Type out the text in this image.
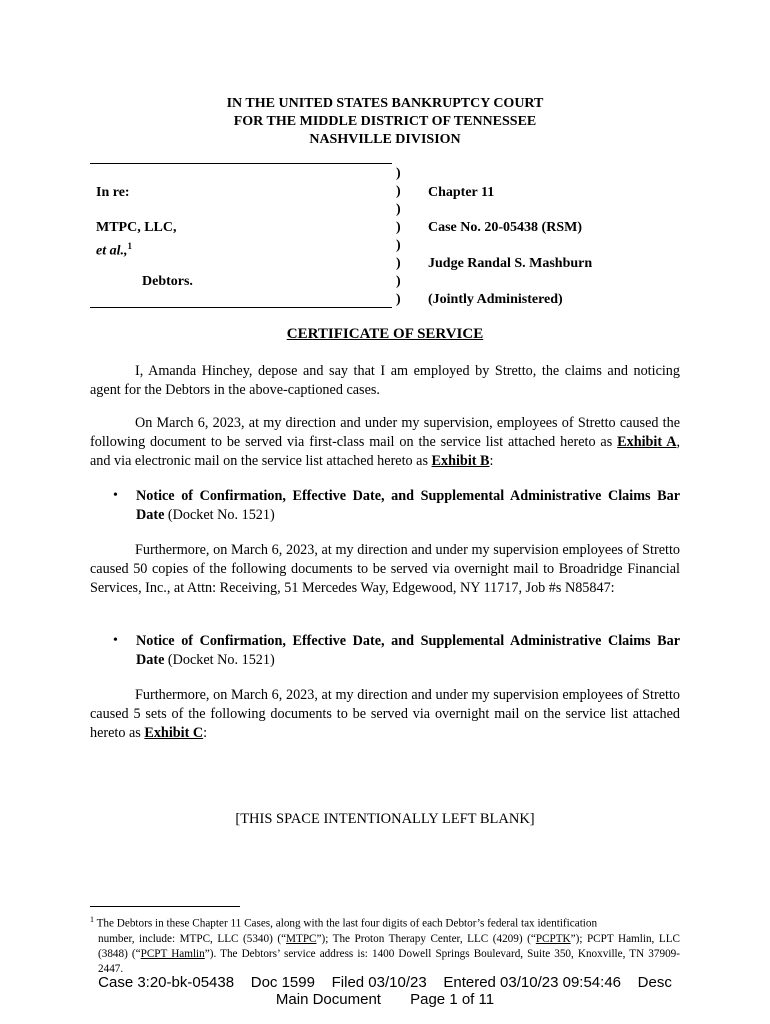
IN THE UNITED STATES BANKRUPTCY COURT
FOR THE MIDDLE DISTRICT OF TENNESSEE
NASHVILLE DIVISION
)
)
)
)
)
)
)
)
In re:
MTPC, LLC,
et al.,$^1$
Debtors.
Chapter 11
Case No. 20-05438 (RSM)
Judge Randal S. Mashburn
(Jointly Administered)
CERTIFICATE OF SERVICE
I, Amanda Hinchey, depose and say that I am employed by Stretto, the claims and noticing agent for the Debtors in the above-captioned cases.
On March 6, 2023, at my direction and under my supervision, employees of Stretto caused the following document to be served via first-class mail on the service list attached hereto as Exhibit A, and via electronic mail on the service list attached hereto as Exhibit B:
• Notice of Confirmation, Effective Date, and Supplemental Administrative Claims Bar Date (Docket No. 1521)
Furthermore, on March 6, 2023, at my direction and under my supervision employees of Stretto caused 50 copies of the following documents to be served via overnight mail to Broadridge Financial Services, Inc., at Attn: Receiving, 51 Mercedes Way, Edgewood, NY 11717, Job #s N85847:
• Notice of Confirmation, Effective Date, and Supplemental Administrative Claims Bar Date (Docket No. 1521)
Furthermore, on March 6, 2023, at my direction and under my supervision employees of Stretto caused 5 sets of the following documents to be served via overnight mail on the service list attached hereto as Exhibit C:
[THIS SPACE INTENTIONALLY LEFT BLANK]
$^1$ The Debtors in these Chapter 11 Cases, along with the last four digits of each Debtor’s federal tax identification
number, include: MTPC, LLC (5340) (“MTPC”); The Proton Therapy Center, LLC (4209) (“PCPTK”); PCPT Hamlin, LLC (3848) (“PCPT Hamlin”). The Debtors’ service address is: 1400 Dowell Springs Boulevard, Suite 350, Knoxville, TN 37909-2447.
Case 3:20-bk-05438    Doc 1599    Filed 03/10/23    Entered 03/10/23 09:54:46    Desc
Main Document       Page 1 of 11
